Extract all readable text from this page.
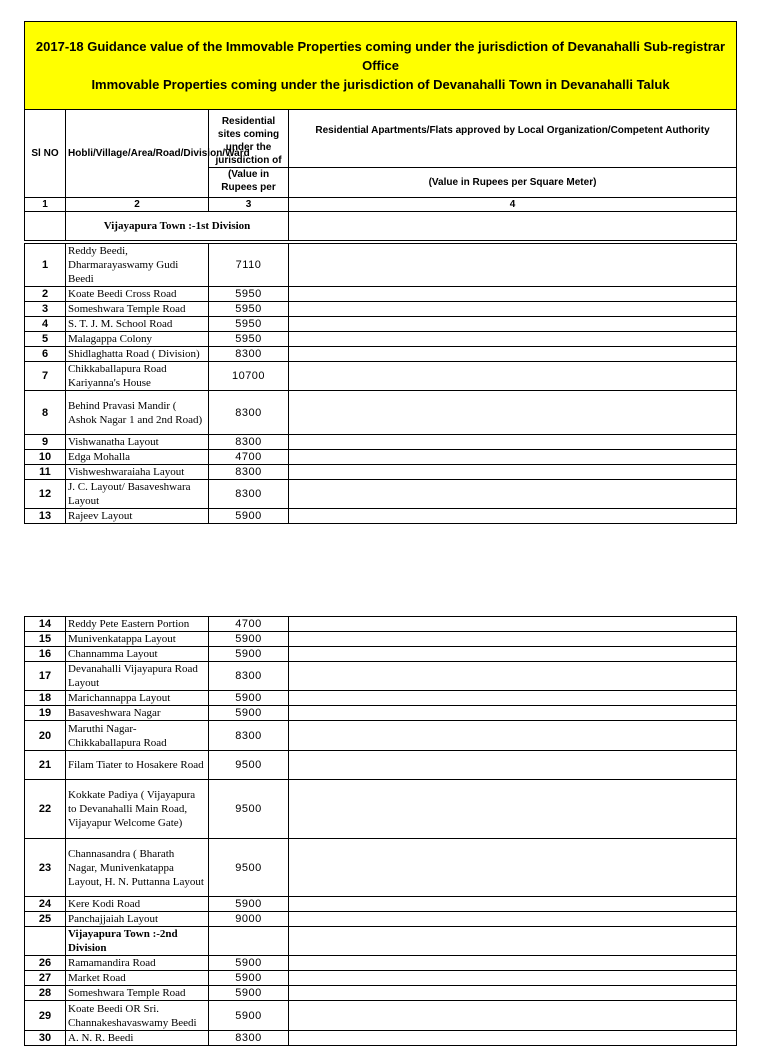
2017-18 Guidance value of the Immovable Properties coming under the jurisdiction of Devanahalli Sub-registrar Office
Immovable Properties coming under the jurisdiction of Devanahalli Town in Devanahalli Taluk			

Sl NO	Hobli/Village/Area/Road/Division/Ward	Residential sites coming under the jurisdiction of	Residential Apartments/Flats approved by Local Organization/Competent Authority
		(Value in Rupees per	(Value in Rupees per Square Meter)
1	2	3	4
	Vijayapura Town :-1st Division		
1	Reddy Beedi, Dharmarayaswamy Gudi Beedi	7110	
2	Koate Beedi Cross Road	5950	
3	Someshwara Temple Road	5950	
4	S. T. J. M. School Road	5950	
5	Malagappa Colony	5950	
6	Shidlaghatta Road ( Division)	8300	
7	Chikkaballapura Road Kariyanna's House	10700	
8	Behind Pravasi Mandir ( Ashok Nagar 1 and 2nd Road)	8300	
9	Vishwanatha Layout	8300	
10	Edga Mohalla	4700	
11	Vishweshwaraiaha Layout	8300	
12	J. C. Layout/ Basaveshwara Layout	8300	
13	Rajeev Layout	5900	
14	Reddy Pete Eastern Portion	4700	
15	Munivenkatappa Layout	5900	
16	Channamma Layout	5900	
17	Devanahalli Vijayapura Road Layout	8300	
18	Marichannappa Layout	5900	
19	Basaveshwara Nagar	5900	
20	Maruthi Nagar- Chikkaballapura Road	8300	
21	Filam Tiater to Hosakere Road	9500	
22	Kokkate Padiya ( Vijayapura to Devanahalli Main Road, Vijayapur Welcome Gate)	9500	
23	Channasandra ( Bharath Nagar, Munivenkatappa Layout, H. N. Puttanna Layout	9500	
24	Kere Kodi Road	5900	
25	Panchajjaiah Layout	9000	
	Vijayapura Town :-2nd Division		
26	Ramamandira Road	5900	
27	Market Road	5900	
28	Someshwara Temple Road	5900	
29	Koate Beedi OR Sri. Channakeshavaswamy Beedi	5900	
30	A. N. R. Beedi	8300	
